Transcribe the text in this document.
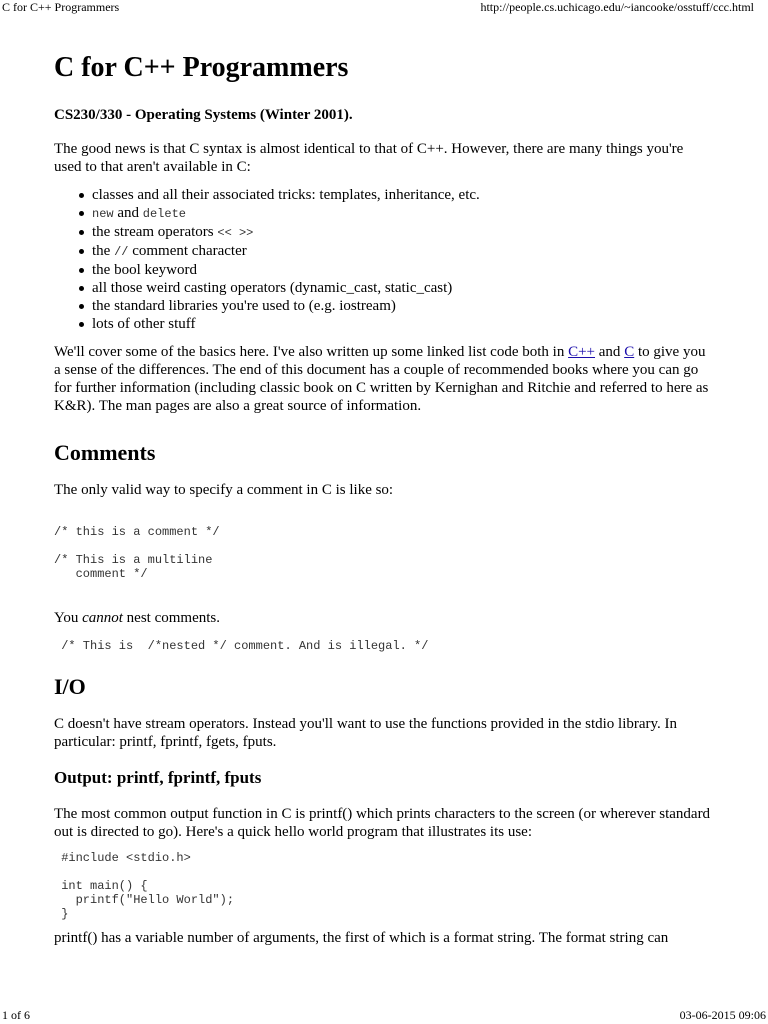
C for C++ Programmers	http://people.cs.uchicago.edu/~iancooke/osstuff/ccc.html
C for C++ Programmers
CS230/330 - Operating Systems (Winter 2001).

The good news is that C syntax is almost identical to that of C++. However, there are many things you're used to that aren't available in C:

classes and all their associated tricks: templates, inheritance, etc.
new and delete
the stream operators << >>
the // comment character
the bool keyword
all those weird casting operators (dynamic_cast, static_cast)
the standard libraries you're used to (e.g. iostream)
lots of other stuff

We'll cover some of the basics here. I've also written up some linked list code both in C++ and C to give you a sense of the differences. The end of this document has a couple of recommended books where you can go for further information (including classic book on C written by Kernighan and Ritchie and referred to here as K&R). The man pages are also a great source of information.

Comments

The only valid way to specify a comment in C is like so:

/* this is a comment */

/* This is a multiline
comment */

You cannot nest comments.

/* This is  /*nested */ comment. And is illegal. */
I/O

C doesn't have stream operators. Instead you'll want to use the functions provided in the stdio library. In particular: printf, fprintf, fgets, fputs.

Output: printf, fprintf, fputs

The most common output function in C is printf() which prints characters to the screen (or wherever standard out is directed to go). Here's a quick hello world program that illustrates its use:

#include <stdio.h>

int main() {
printf("Hello World");
}

printf() has a variable number of arguments, the first of which is a format string. The format string can

1 of 6	03-06-2015 09:06
